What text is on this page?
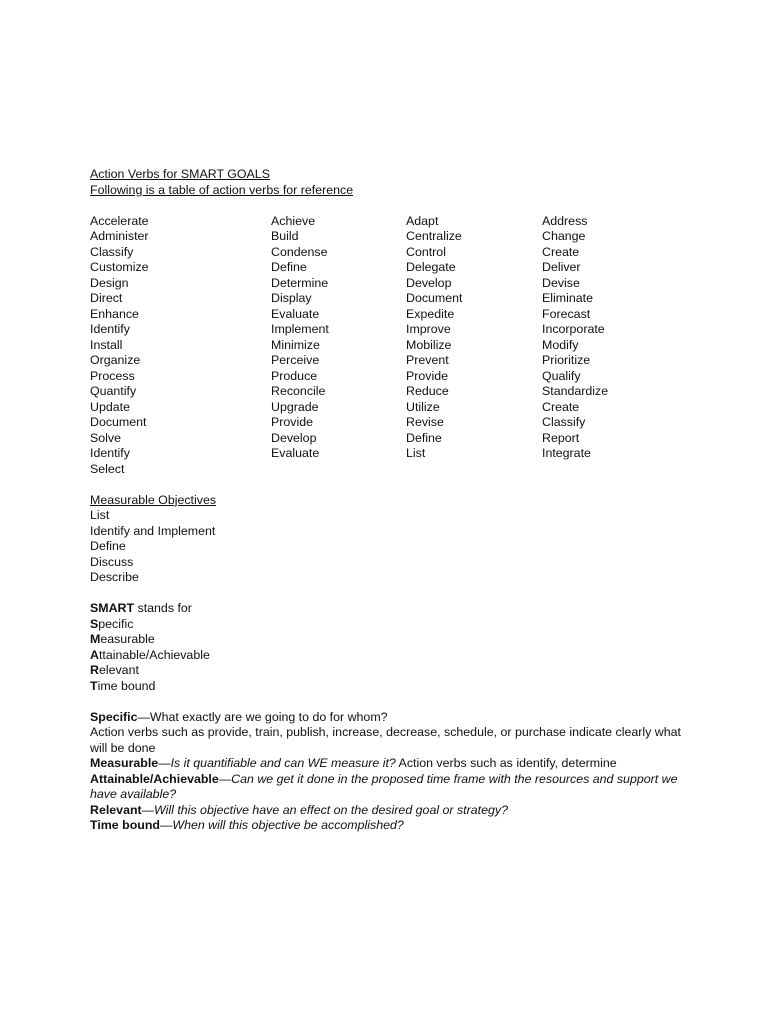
Action Verbs for SMART GOALS
Following is a table of action verbs for reference
Accelerate
Administer
Classify
Customize
Design
Direct
Enhance
Identify
Install
Organize
Process
Quantify
Update
Document
Solve
Identify
Select
Achieve
Build
Condense
Define
Determine
Display
Evaluate
Implement
Minimize
Perceive
Produce
Reconcile
Upgrade
Provide
Develop
Evaluate
Adapt
Centralize
Control
Delegate
Develop
Document
Expedite
Improve
Mobilize
Prevent
Provide
Reduce
Utilize
Revise
Define
List
Address
Change
Create
Deliver
Devise
Eliminate
Forecast
Incorporate
Modify
Prioritize
Qualify
Standardize
Create
Classify
Report
Integrate
Measurable Objectives
List
Identify and Implement
Define
Discuss
Describe
SMART stands for
Specific
Measurable
Attainable/Achievable
Relevant
Time bound
Specific—What exactly are we going to do for whom?
Action verbs such as provide, train, publish, increase, decrease, schedule, or purchase indicate clearly what will be done
Measurable—Is it quantifiable and can WE measure it? Action verbs such as identify, determine
Attainable/Achievable—Can we get it done in the proposed time frame with the resources and support we have available?
Relevant—Will this objective have an effect on the desired goal or strategy?
Time bound—When will this objective be accomplished?
